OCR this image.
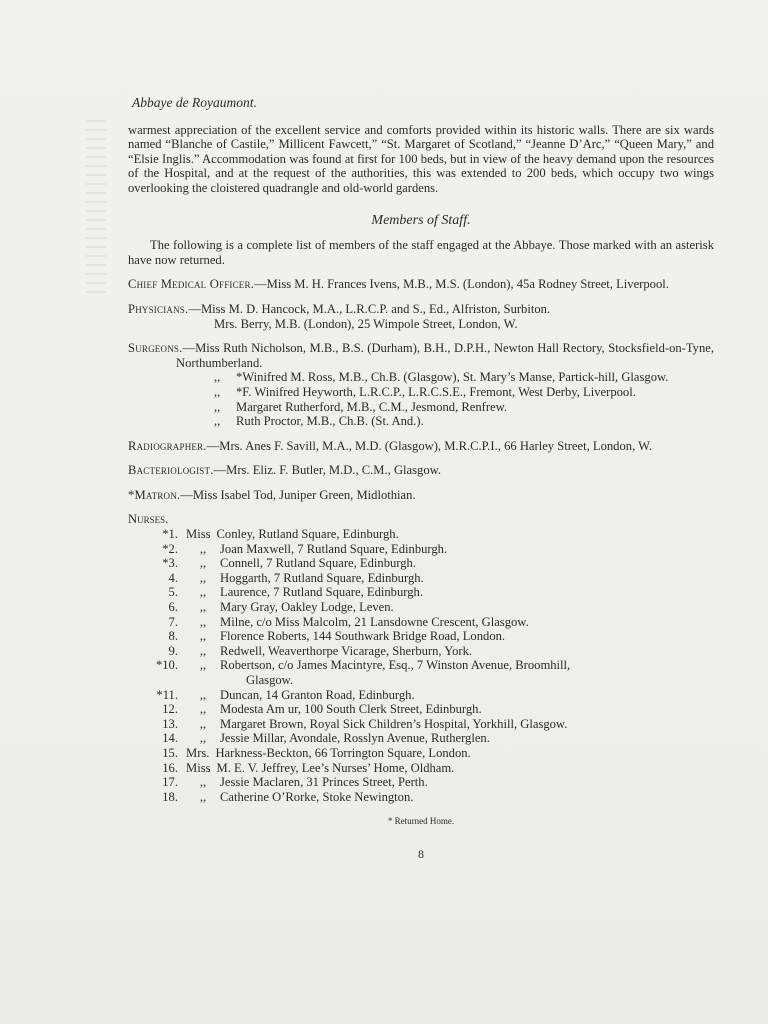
Abbaye de Royaumont.

warmest appreciation of the excellent service and comforts provided within its historic walls. There are six wards named “Blanche of Castile,” Millicent Fawcett,” “St. Margaret of Scotland,” “Jeanne D’Arc,” “Queen Mary,” and “Elsie Inglis.” Accommodation was found at first for 100 beds, but in view of the heavy demand upon the resources of the Hospital, and at the request of the authorities, this was extended to 200 beds, which occupy two wings overlooking the cloistered quadrangle and old-world gardens.

Members of Staff.

The following is a complete list of members of the staff engaged at the Abbaye. Those marked with an asterisk have now returned.

Chief Medical Officer.—Miss M. H. Frances Ivens, M.B., M.S. (London), 45a Rodney Street, Liverpool.

Physicians.—Miss M. D. Hancock, M.A., L.R.C.P. and S., Ed., Alfriston, Surbiton.

Mrs. Berry, M.B. (London), 25 Wimpole Street, London, W.

Surgeons.—Miss Ruth Nicholson, M.B., B.S. (Durham), B.H., D.P.H., Newton Hall Rectory, Stocksfield-on-Tyne, Northumberland.

,, *Winifred M. Ross, M.B., Ch.B. (Glasgow), St. Mary’s Manse, Partick-hill, Glasgow.

,, *F. Winifred Heyworth, L.R.C.P., L.R.C.S.E., Fremont, West Derby, Liverpool.

,, Margaret Rutherford, M.B., C.M., Jesmond, Renfrew.

,, Ruth Proctor, M.B., Ch.B. (St. And.).

Radiographer.—Mrs. Anes F. Savill, M.A., M.D. (Glasgow), M.R.C.P.I., 66 Harley Street, London, W.

Bacteriologist.—Mrs. Eliz. F. Butler, M.D., C.M., Glasgow.

*Matron.—Miss Isabel Tod, Juniper Green, Midlothian.

Nurses.

*1. Miss Conley, Rutland Square, Edinburgh.
*2.	,,	Joan Maxwell, 7 Rutland Square, Edinburgh.
*3.	,,	Connell, 7 Rutland Square, Edinburgh.
4.	,,	Hoggarth, 7 Rutland Square, Edinburgh.
5.	,,	Laurence, 7 Rutland Square, Edinburgh.
6.	,,	Mary Gray, Oakley Lodge, Leven.
7.	,,	Milne, c/o Miss Malcolm, 21 Lansdowne Crescent, Glasgow.
8.	,,	Florence Roberts, 144 Southwark Bridge Road, London.
9.	,,	Redwell, Weaverthorpe Vicarage, Sherburn, York.
*10.	,,	Robertson, c/o James Macintyre, Esq., 7 Winston Avenue, Broomhill,
Glasgow.
*11.	,,	Duncan, 14 Granton Road, Edinburgh.
12.	,,	Modesta Am ur, 100 South Clerk Street, Edinburgh.
13.	,,	Margaret Brown, Royal Sick Children’s Hospital, Yorkhill, Glasgow.
14.	,,	Jessie Millar, Avondale, Rosslyn Avenue, Rutherglen.
15. Mrs. Harkness-Beckton, 66 Torrington Square, London.
16. Miss M. E. V. Jeffrey, Lee’s Nurses’ Home, Oldham.
17.	,,	Jessie Maclaren, 31 Princes Street, Perth.
18.	,,	Catherine O’Rorke, Stoke Newington.
* Returned Home.
8
